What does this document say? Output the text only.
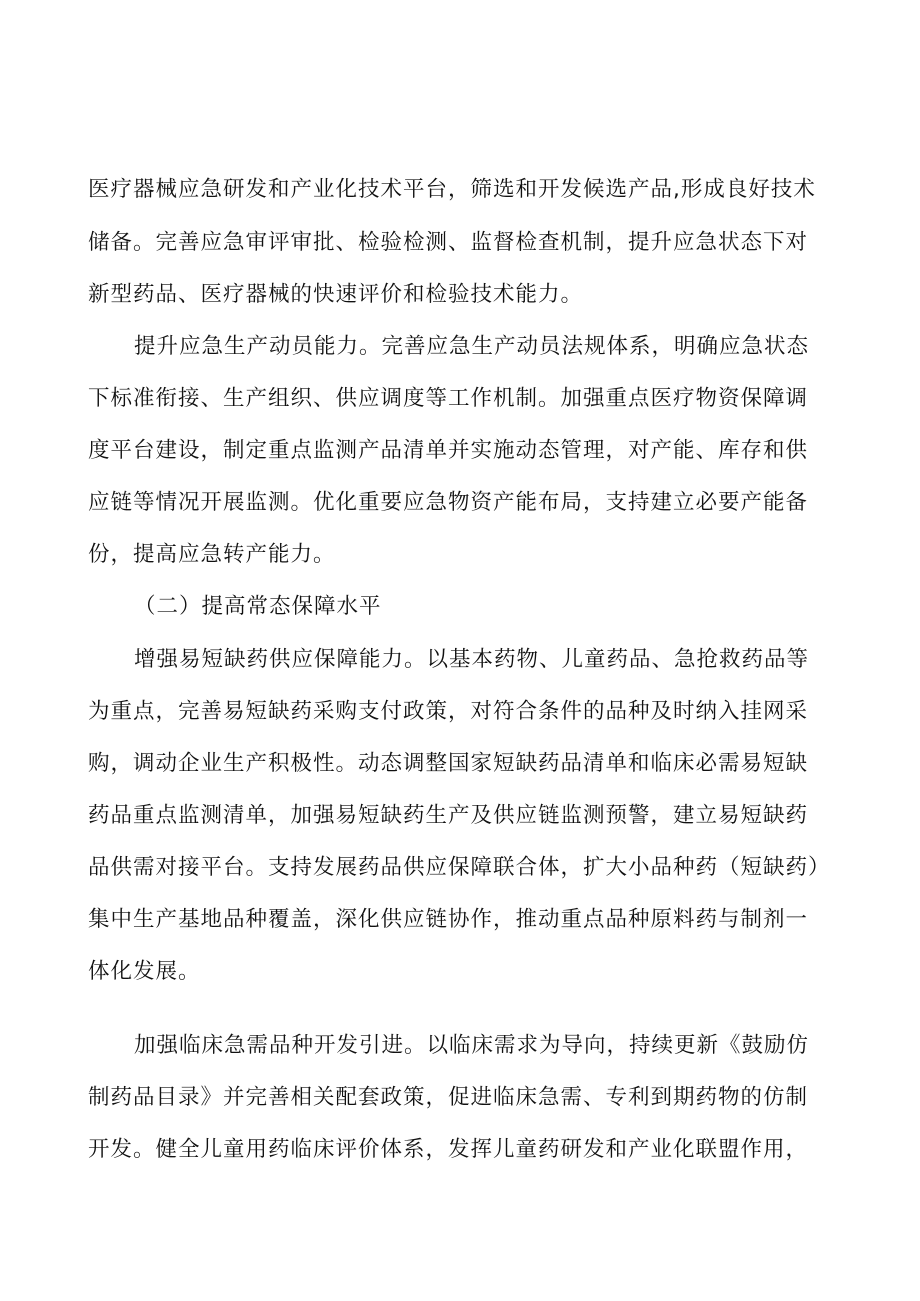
医疗器械应急研发和产业化技术平台，筛选和开发候选产品,形成良好技术
储备。完善应急审评审批、检验检测、监督检查机制，提升应急状态下对
新型药品、医疗器械的快速评价和检验技术能力。
提升应急生产动员能力。完善应急生产动员法规体系，明确应急状态
下标准衔接、生产组织、供应调度等工作机制。加强重点医疗物资保障调
度平台建设，制定重点监测产品清单并实施动态管理，对产能、库存和供
应链等情况开展监测。优化重要应急物资产能布局，支持建立必要产能备
份，提高应急转产能力。
（二）提高常态保障水平
增强易短缺药供应保障能力。以基本药物、儿童药品、急抢救药品等
为重点，完善易短缺药采购支付政策，对符合条件的品种及时纳入挂网采
购，调动企业生产积极性。动态调整国家短缺药品清单和临床必需易短缺
药品重点监测清单，加强易短缺药生产及供应链监测预警，建立易短缺药
品供需对接平台。支持发展药品供应保障联合体，扩大小品种药（短缺药）
集中生产基地品种覆盖，深化供应链协作，推动重点品种原料药与制剂一
体化发展。
加强临床急需品种开发引进。以临床需求为导向，持续更新《鼓励仿
制药品目录》并完善相关配套政策，促进临床急需、专利到期药物的仿制
开发。健全儿童用药临床评价体系，发挥儿童药研发和产业化联盟作用，
